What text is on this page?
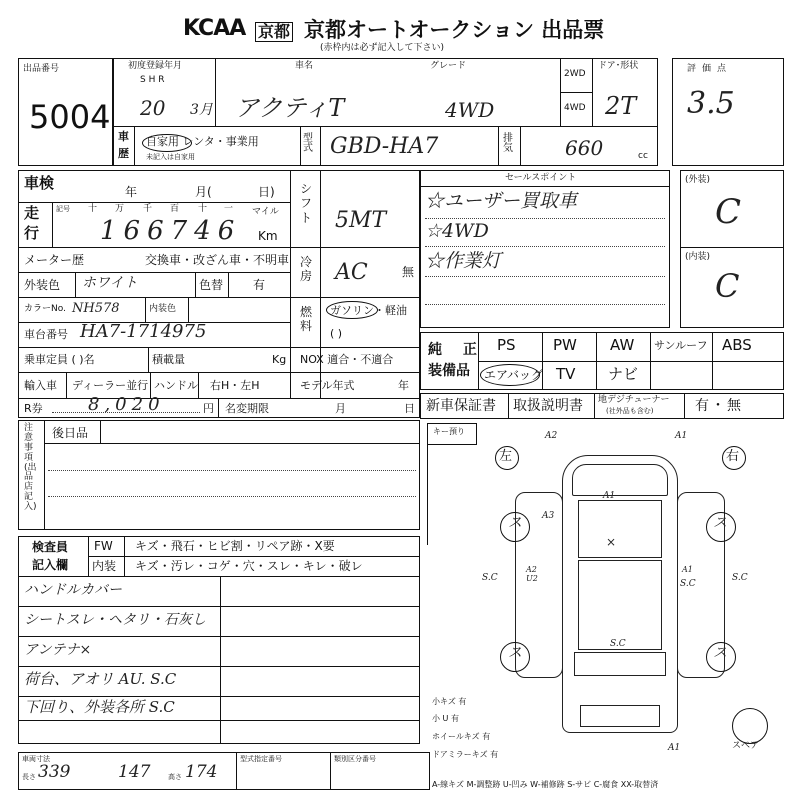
KCAA 京都 京都オートオークション 出品票
(赤枠内は必ず記入して下さい)
出品番号
5004
初度登録年月
S H R
20 3月
車名	グレード
アクティT	4WD
2WD
4WD
ドア･形状
2T
車
歴
自家用 レンタ・事業用
未記入は自家用
型式 GBD-HA7	排気	660	cc
評価点
3.5
車検	年	月(	日)
走
行
記号 十 万 千 百 十 一 マイル
Km
166746
メーター歴	交換車・改ざん車・不明車
外装色 ホワイト	色替 有
カラーNo. NH578	内装色
車台番号 HA7-1714975
乗車定員 ( )名	積載量	Kg
輸入車 ディーラー並行 ハンドル 右H・左H
R券	8,020	円 名変期限	月	日
シフト 5MT
冷房 AC	無
燃料
ガソリン・軽油
( )
NOX 適合・不適合
モデル年式	年
セールスポイント
☆ユーザー買取車
☆4WD
☆作業灯
(外装)
C
(内装)
C
純 正
装備品
PS PW AW サンルーフ ABS
エアバッグ TV ナビ
新車保証書 取扱説明書 地デジチューナー
(社外品も含む)	有・無
注意事項(出品店記入)
後日品
検査員
記入欄
FW キズ・飛石・ヒビ割・リペア跡・X要
内装 キズ・汚レ・コゲ・穴・スレ・キレ・破レ
ハンドルカバー
シートスレ・ヘタリ・石灰し
アンテナ×
荷台、アオリ AU. S.C
下回り、外装各所 S.C
車両寸法
長さ 339	147	高さ 174
型式指定番号	類別区分番号
キー預り
左	右
ス	ス
ス	ス
A2	A1
A1
A3
A2
U2
A1
A1
S.C
S.C
S.C
S.C
×
スペア
小キズ 有
小 U 有
ホイールキズ 有
ドアミラーキズ 有
A-線キズ M-調整跡 U-凹み W-補修跡 S-サビ C-腐食 XX-取替済
